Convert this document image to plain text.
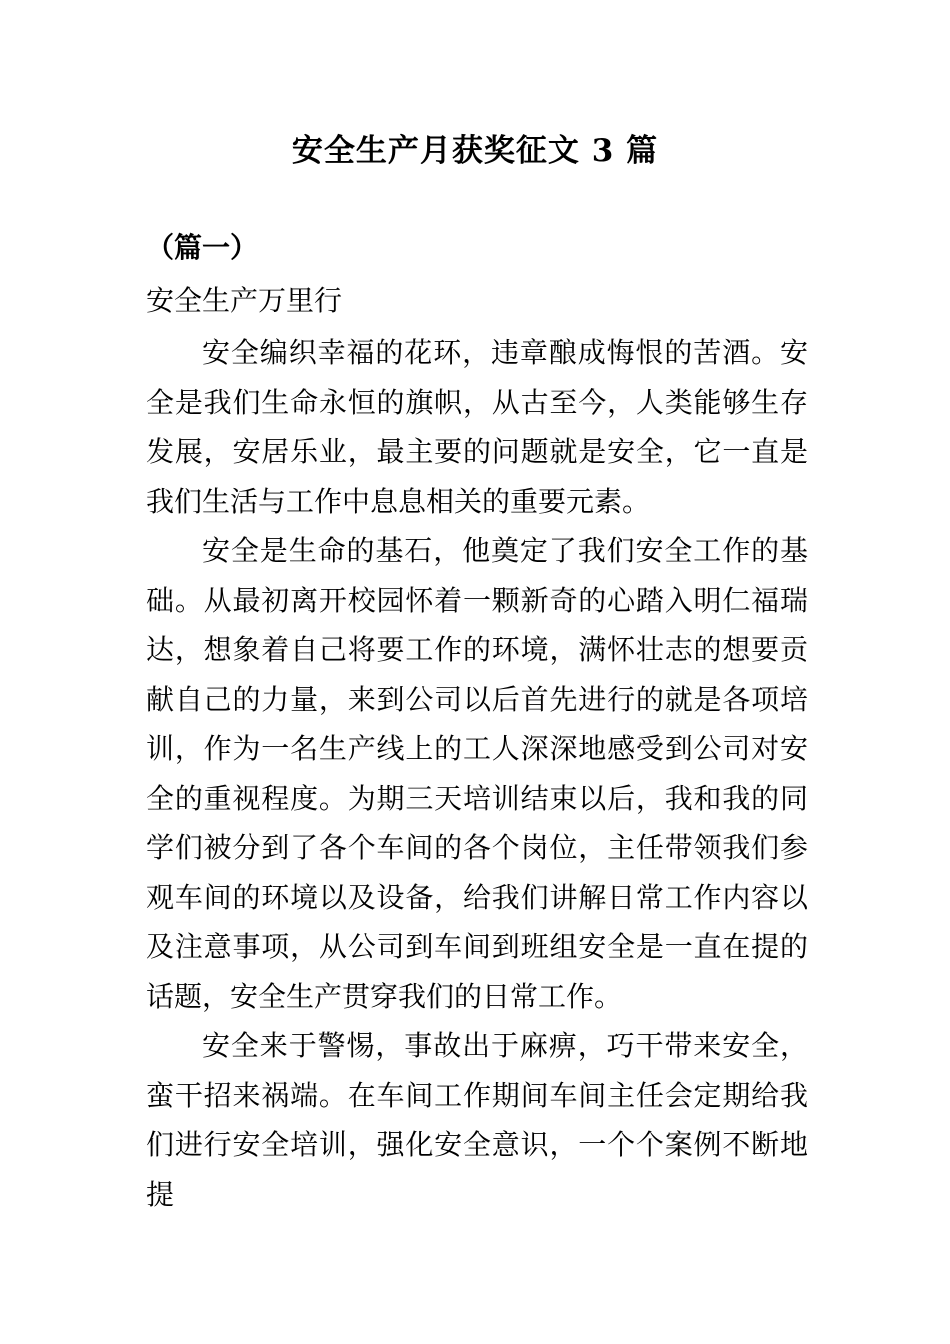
安全生产月获奖征文 3 篇
（篇一）

安全生产万里行

安全编织幸福的花环，违章酿成悔恨的苦酒。安全是我们生命永恒的旗帜，从古至今，人类能够生存发展，安居乐业，最主要的问题就是安全，它一直是我们生活与工作中息息相关的重要元素。

安全是生命的基石，他奠定了我们安全工作的基础。从最初离开校园怀着一颗新奇的心踏入明仁福瑞达，想象着自己将要工作的环境，满怀壮志的想要贡献自己的力量，来到公司以后首先进行的就是各项培训，作为一名生产线上的工人深深地感受到公司对安全的重视程度。为期三天培训结束以后，我和我的同学们被分到了各个车间的各个岗位，主任带领我们参观车间的环境以及设备，给我们讲解日常工作内容以及注意事项，从公司到车间到班组安全是一直在提的话题，安全生产贯穿我们的日常工作。

安全来于警惕，事故出于麻痹，巧干带来安全，蛮干招来祸端。在车间工作期间车间主任会定期给我们进行安全培训，强化安全意识，一个个案例不断地提
